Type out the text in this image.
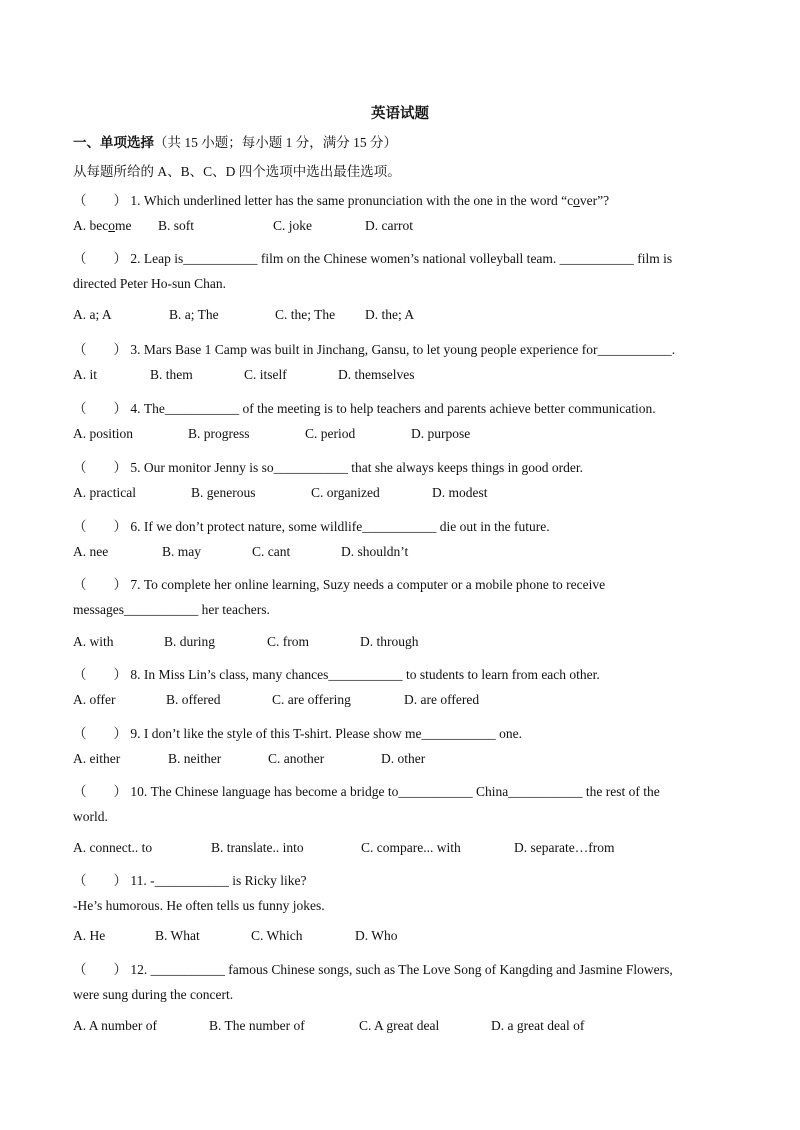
英语试题
一、单项选择（共 15 小题；每小题 1 分，满分 15 分）
从每题所给的 A、B、C、D 四个选项中选出最佳选项。
（　　） 1. Which underlined letter has the same pronunciation with the one in the word “cover”?
A. become B. soft	C. joke	D. carrot
（　　） 2. Leap is___________ film on the Chinese women’s national volleyball team. ___________ film is
directed Peter Ho-sun Chan.
A. a; A	B. a; The	C. the; The D. the; A
（　　） 3. Mars Base 1 Camp was built in Jinchang, Gansu, to let young people experience for___________.
A. it	B. them	C. itself	D. themselves
（　　） 4. The___________ of the meeting is to help teachers and parents achieve better communication.
A. position	B. progress	C. period	D. purpose
（　　） 5. Our monitor Jenny is so___________ that she always keeps things in good order.
A. practical	B. generous	C. organized	D. modest
（　　） 6. If we don’t protect nature, some wildlife___________ die out in the future.
A. nee	B. may	C. cant	D. shouldn’t
（　　） 7. To complete her online learning, Suzy needs a computer or a mobile phone to receive
messages___________ her teachers.
A. with	B. during	C. from	D. through
（　　） 8. In Miss Lin’s class, many chances___________ to students to learn from each other.
A. offer	B. offered	C. are offering	D. are offered
（　　） 9. I don’t like the style of this T-shirt. Please show me___________ one.
A. either	B. neither	C. another	D. other
（　　） 10. The Chinese language has become a bridge to___________ China___________ the rest of the
world.
A. connect.. to	B. translate.. into	C. compare... with	D. separate…from
（　　） 11. -___________ is Ricky like?
-He’s humorous. He often tells us funny jokes.
A. He	B. What	C. Which	D. Who
（　　） 12. ___________ famous Chinese songs, such as The Love Song of Kangding and Jasmine Flowers,
were sung during the concert.
A. A number of	B. The number of	C. A great deal	D. a great deal of
